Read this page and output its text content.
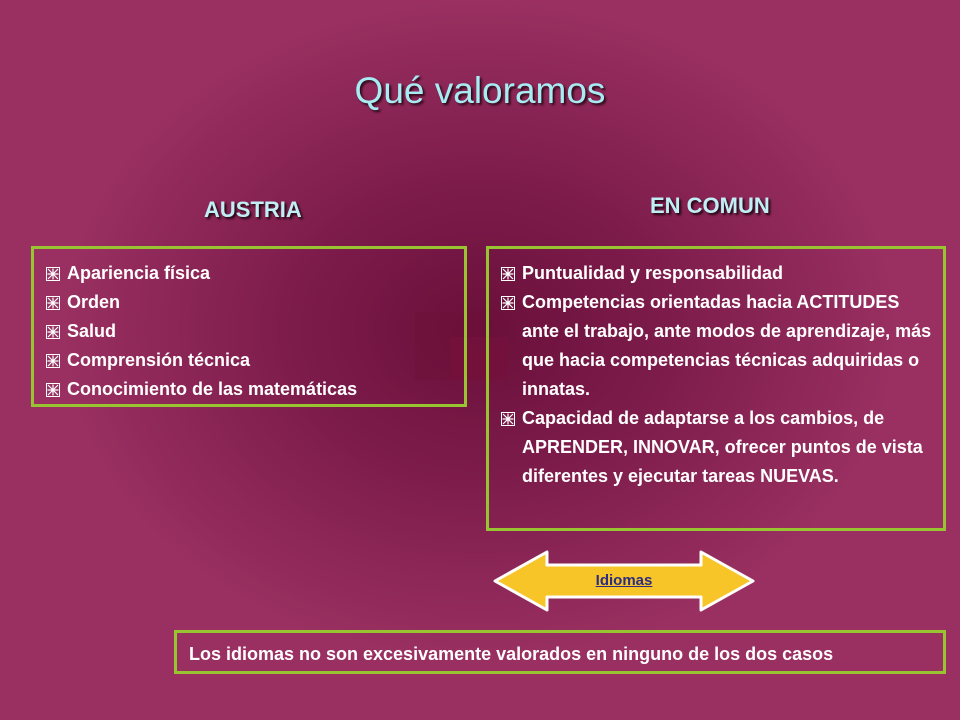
Qué valoramos
AUSTRIA	EN COMUN
Apariencia física
Orden
Salud
Comprensión técnica
Conocimiento de las matemáticas
Puntualidad y responsabilidad
Competencias orientadas hacia ACTITUDES ante el trabajo, ante modos de aprendizaje, más que hacia competencias técnicas adquiridas o innatas.
Capacidad de adaptarse a los cambios, de APRENDER, INNOVAR, ofrecer puntos de vista diferentes y ejecutar tareas NUEVAS.
Idiomas
Los idiomas no son excesivamente valorados en ninguno de los dos casos
